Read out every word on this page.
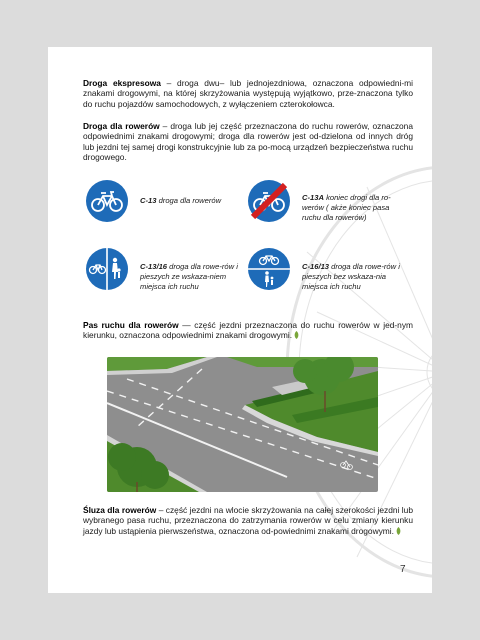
Droga ekspresowa – droga dwu– lub jednojezdniowa, oznaczona odpowiedni-mi znakami drogowymi, na której skrzyżowania występują wyjątkowo, prze-znaczona tylko do ruchu pojazdów samochodowych, z wyłączeniem czterokołowca.

Droga dla rowerów – droga lub jej część przeznaczona do ruchu rowerów, oznaczona odpowiednimi znakami drogowymi; droga dla rowerów jest od-dzielona od innych dróg lub jezdni tej samej drogi konstrukcyjnie lub za po-mocą urządzeń bezpieczeństwa ruchu drogowego.

C-13 droga dla rowerów	C-13A koniec drogi dla ro-werów ( akże koniec pasa ruchu dla rowerów)

C-13/16 droga dla rowe-rów i pieszych ze wskaza-niem miejsca ich ruchu

C-16/13 droga dla rowe-rów i pieszych bez wskaza-nia miejsca ich ruchu

Pas ruchu dla rowerów — część jezdni przeznaczona do ruchu rowerów w jed-nym kierunku, oznaczona odpowiednimi znakami drogowymi.

Śluza dla rowerów – część jezdni na wlocie skrzyżowania na całej szerokości jezdni lub wybranego pasa ruchu, przeznaczona do zatrzymania rowerów w celu zmiany kierunku jazdy lub ustąpienia pierwszeństwa, oznaczona od-powiednimi znakami drogowymi.

7
